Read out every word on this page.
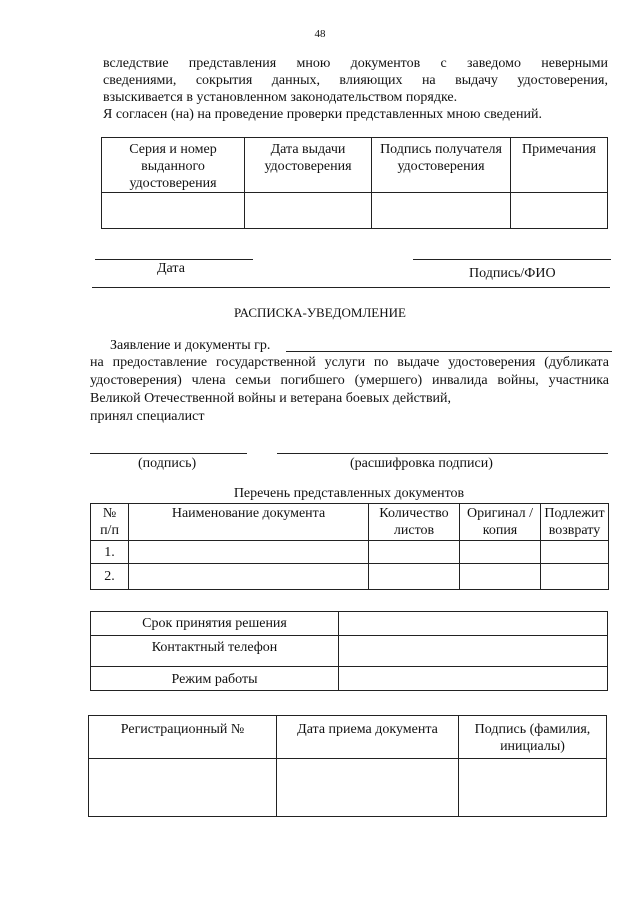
48
вследствие представления мною документов с заведомо неверными
сведениями, сокрытия данных, влияющих на выдачу удостоверения,
взыскивается в установленном законодательством порядке.
Я согласен (на) на проведение проверки представленных мною сведений.
Серия и номер выданного удостоверения	Дата выдачи удостоверения	Подпись получателя удостоверения	Примечания

Дата	Подпись/ФИО
РАСПИСКА-УВЕДОМЛЕНИЕ
Заявление и документы гр.
на предоставление государственной услуги по выдаче удостоверения (дубликата
удостоверения) члена семьи погибшего (умершего) инвалида войны, участника
Великой Отечественной войны и ветерана боевых действий,
принял специалист
(подпись)	(расшифровка подписи)
Перечень представленных документов
№ п/п	Наименование документа	Количество листов	Оригинал /копия	Подлежит возврату
1.				
2.				
Срок принятия решения	
Контактный телефон	
Режим работы	
Регистрационный №	Дата приема документа	Подпись (фамилия, инициалы)
